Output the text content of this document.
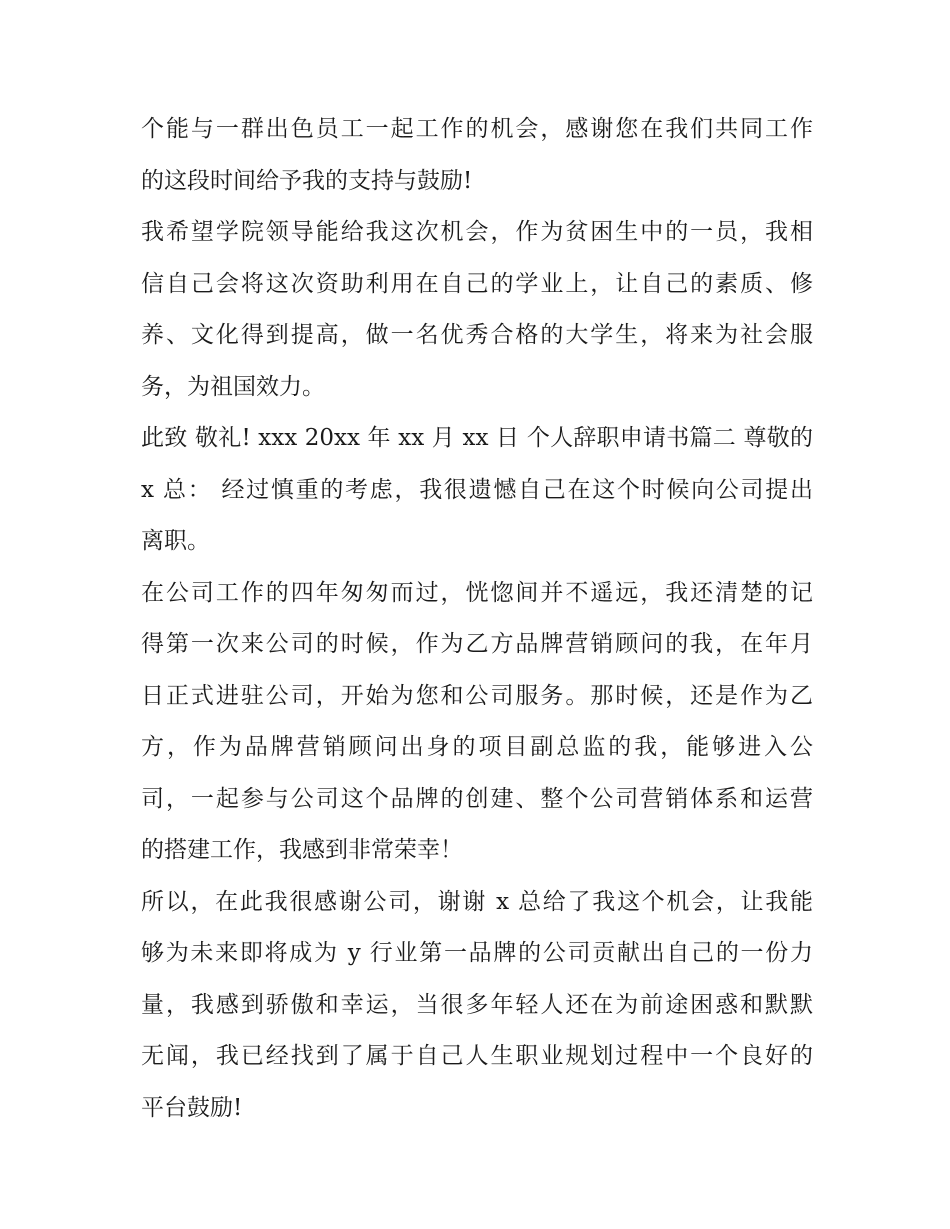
个能与一群出色员工一起工作的机会，感谢您在我们共同工作
的这段时间给予我的支持与鼓励!
我希望学院领导能给我这次机会，作为贫困生中的一员，我相
信自己会将这次资助利用在自己的学业上，让自己的素质、修
养、文化得到提高，做一名优秀合格的大学生，将来为社会服
务，为祖国效力。
此致 敬礼! xxx 20xx 年 xx 月 xx 日 个人辞职申请书篇二 尊敬的
x 总： 经过慎重的考虑，我很遗憾自己在这个时候向公司提出
离职。
在公司工作的四年匆匆而过，恍惚间并不遥远，我还清楚的记
得第一次来公司的时候，作为乙方品牌营销顾问的我，在年月
日正式进驻公司，开始为您和公司服务。那时候，还是作为乙
方，作为品牌营销顾问出身的项目副总监的我，能够进入公
司，一起参与公司这个品牌的创建、整个公司营销体系和运营
的搭建工作，我感到非常荣幸！
所以，在此我很感谢公司，谢谢 x 总给了我这个机会，让我能
够为未来即将成为 y 行业第一品牌的公司贡献出自己的一份力
量，我感到骄傲和幸运，当很多年轻人还在为前途困惑和默默
无闻，我已经找到了属于自己人生职业规划过程中一个良好的
平台鼓励!
